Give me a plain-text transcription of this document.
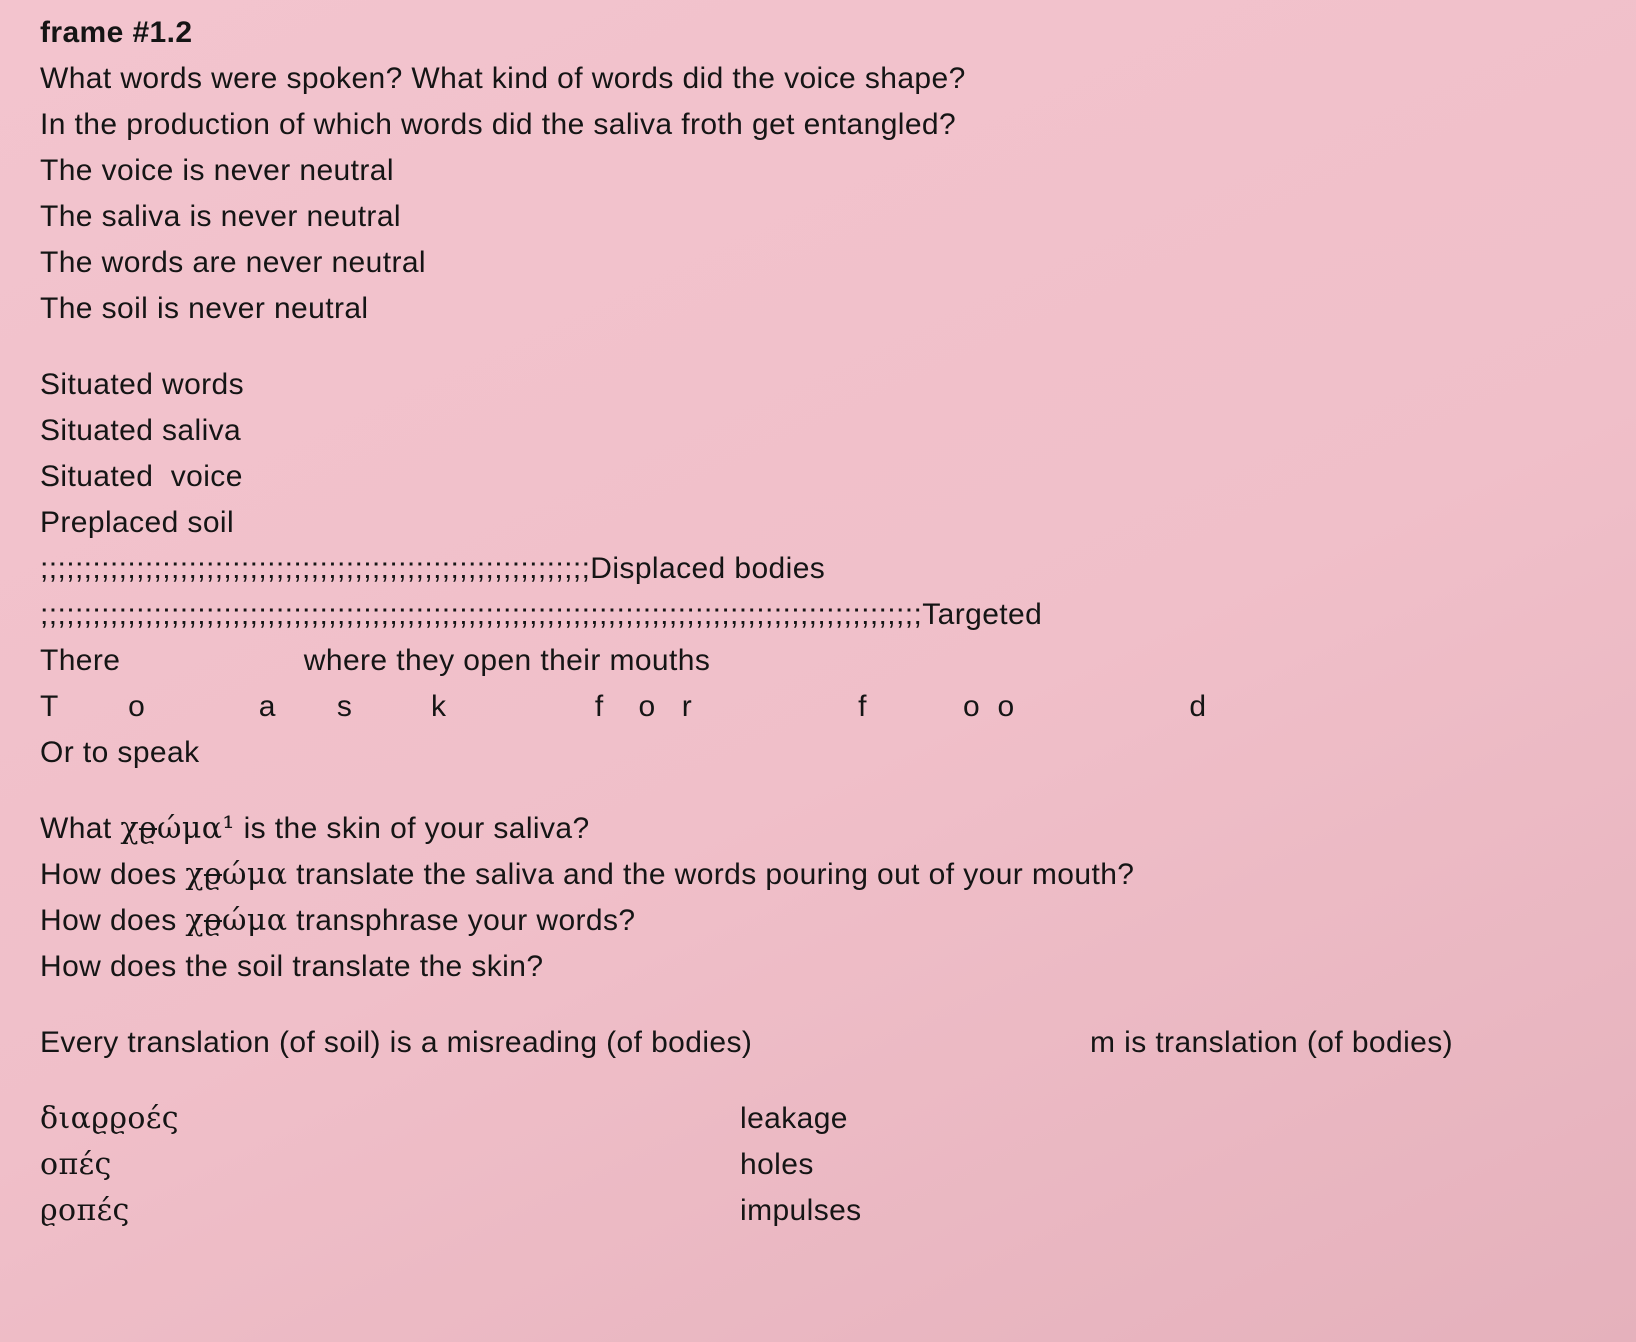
frame #1.2
What words were spoken? What kind of words did the voice shape?
In the production of which words did the saliva froth get entangled?
The voice is never neutral
The saliva is never neutral
The words are never neutral
The soil is never neutral
Situated words
Situated saliva
Situated  voice
Preplaced soil
;;;;;;;;;;;;;;;;;;;;;;;;;;;;;;;;;;;;;;;;;;;;;;;;;;;;;;;;;;;;;;;Displaced bodies
;;;;;;;;;;;;;;;;;;;;;;;;;;;;;;;;;;;;;;;;;;;;;;;;;;;;;;;;;;;;;;;;;;;;;;;;;;;;;;;;;;;;;;;;;;;;;;;;;;;;;Targeted
There                     where they open their mouths
T        o             a       s         k                 f    o   r                   f           o  o                    d
Or to speak
What χϱώμα¹ is the skin of your saliva?
How does χϱώμα translate the saliva and the words pouring out of your mouth?
How does χϱώμα transphrase your words?
How does the soil translate the skin?
Every translation (of soil) is a misreading (of bodies)	m is translation (of bodies)
διαϱϱοές	leakage
οπές	holes
ϱοπές	impulses
